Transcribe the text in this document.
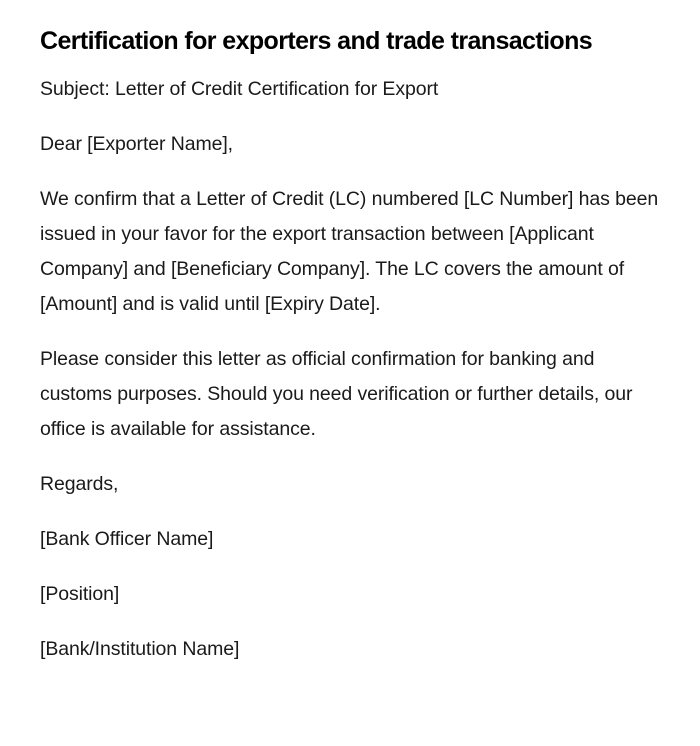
Certification for exporters and trade transactions

Subject: Letter of Credit Certification for Export

Dear [Exporter Name],

We confirm that a Letter of Credit (LC) numbered [LC Number] has been issued in your favor for the export transaction between [Applicant Company] and [Beneficiary Company]. The LC covers the amount of [Amount] and is valid until [Expiry Date].

Please consider this letter as official confirmation for banking and customs purposes. Should you need verification or further details, our office is available for assistance.

Regards,

[Bank Officer Name]

[Position]

[Bank/Institution Name]
